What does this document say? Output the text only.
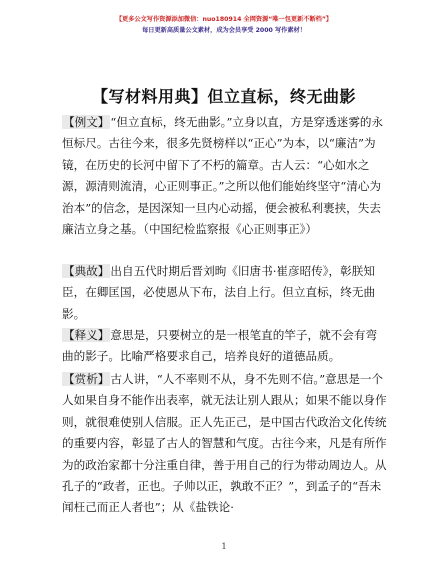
【更多公文写作资源添加微信：nuo180914 全网资源“唯一包更新不断档”】
每日更新高质量公文素材，成为会员享受 2000 写作素材！
【写材料用典】但立直标，终无曲影

【例文】“但立直标，终无曲影。”立身以直，方是穿透迷雾的永恒标尺。古往今来，很多先贤榜样以“正心”为本，以“廉洁”为镜，在历史的长河中留下了不朽的篇章。古人云：“心如水之源，源清则流清，心正则事正。”之所以他们能始终坚守“清心为治本”的信念，是因深知一旦内心动摇，便会被私利裹挟，失去廉洁立身之基。（中国纪检监察报《心正则事正》）

【典故】出自五代时期后晋刘昫《旧唐书·崔彦昭传》，彰朕知臣，在卿匡国，必使恩从下布，法自上行。但立直标，终无曲影。

【释义】意思是，只要树立的是一根笔直的竿子，就不会有弯曲的影子。比喻严格要求自己，培养良好的道德品质。

【赏析】古人讲，“人不率则不从，身不先则不信。”意思是一个人如果自身不能作出表率，就无法让别人跟从；如果不能以身作则，就很难使别人信服。正人先正己，是中国古代政治文化传统的重要内容，彰显了古人的智慧和气度。古往今来，凡是有所作为的政治家都十分注重自律，善于用自己的行为带动周边人。从孔子的“政者，正也。子帅以正，孰敢不正？”，到孟子的“吾未闻枉己而正人者也”；从《盐铁论·

1
